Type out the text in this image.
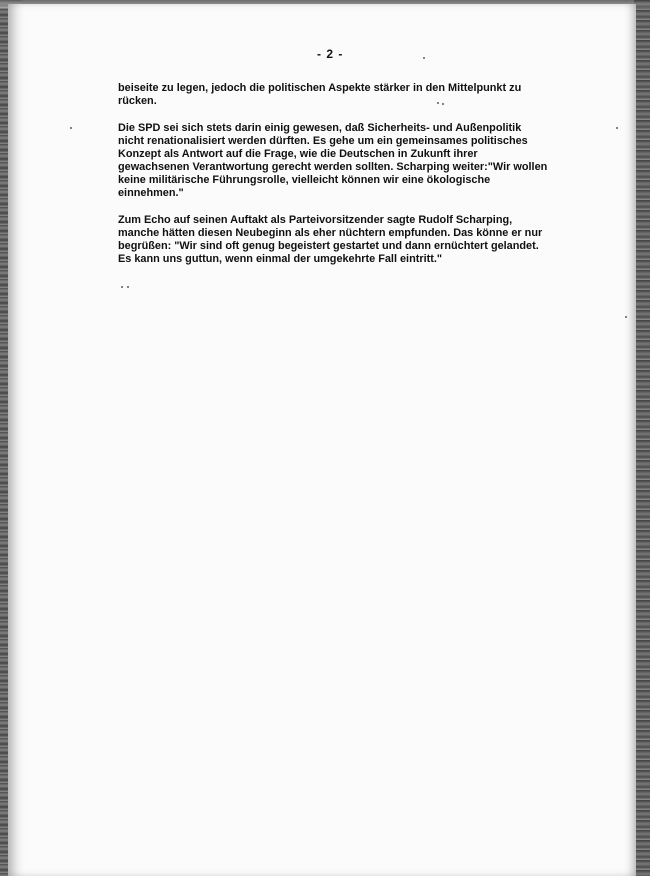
- 2 -

beiseite zu legen, jedoch die politischen Aspekte stärker in den Mittelpunkt zu rücken.

Die SPD sei sich stets darin einig gewesen, daß Sicherheits- und Außenpolitik nicht renationalisiert werden dürften. Es gehe um ein gemeinsames politisches Konzept als Antwort auf die Frage, wie die Deutschen in Zukunft ihrer gewachsenen Verantwortung gerecht werden sollten. Scharping weiter:"Wir wollen keine militärische Führungsrolle, vielleicht können wir eine ökologische einnehmen."

Zum Echo auf seinen Auftakt als Parteivorsitzender sagte Rudolf Scharping, manche hätten diesen Neubeginn als eher nüchtern empfunden. Das könne er nur begrüßen: "Wir sind oft genug begeistert gestartet und dann ernüchtert gelandet. Es kann uns guttun, wenn einmal der umgekehrte Fall eintritt."
